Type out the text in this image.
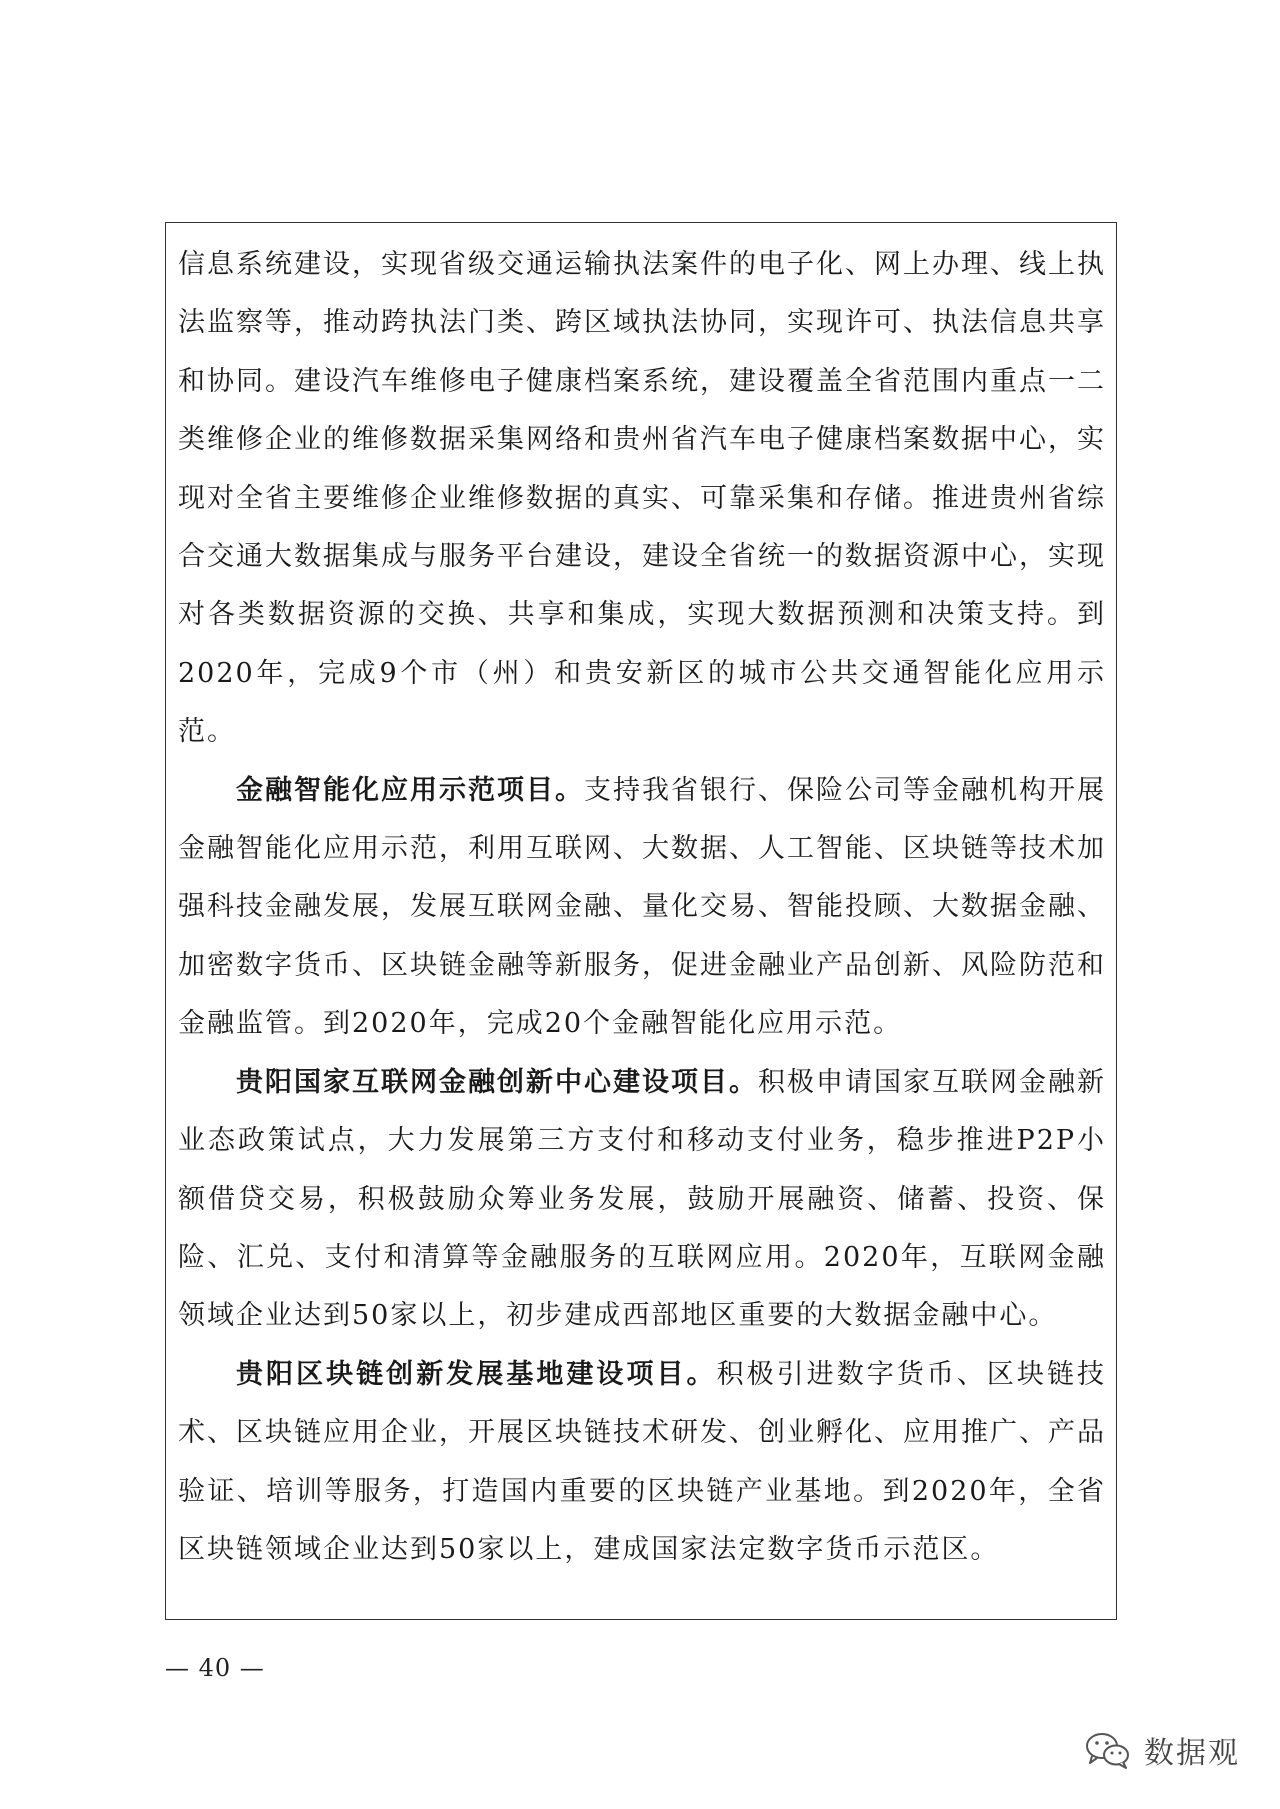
信息系统建设，实现省级交通运输执法案件的电子化、网上办理、线上执法监察等，推动跨执法门类、跨区域执法协同，实现许可、执法信息共享和协同。建设汽车维修电子健康档案系统，建设覆盖全省范围内重点一二类维修企业的维修数据采集网络和贵州省汽车电子健康档案数据中心，实现对全省主要维修企业维修数据的真实、可靠采集和存储。推进贵州省综合交通大数据集成与服务平台建设，建设全省统一的数据资源中心，实现对各类数据资源的交换、共享和集成，实现大数据预测和决策支持。到2020年，完成9个市（州）和贵安新区的城市公共交通智能化应用示范。

金融智能化应用示范项目。支持我省银行、保险公司等金融机构开展金融智能化应用示范，利用互联网、大数据、人工智能、区块链等技术加强科技金融发展，发展互联网金融、量化交易、智能投顾、大数据金融、加密数字货币、区块链金融等新服务，促进金融业产品创新、风险防范和金融监管。到2020年，完成20个金融智能化应用示范。

贵阳国家互联网金融创新中心建设项目。积极申请国家互联网金融新业态政策试点，大力发展第三方支付和移动支付业务，稳步推进P2P小额借贷交易，积极鼓励众筹业务发展，鼓励开展融资、储蓄、投资、保险、汇兑、支付和清算等金融服务的互联网应用。2020年，互联网金融领域企业达到50家以上，初步建成西部地区重要的大数据金融中心。

贵阳区块链创新发展基地建设项目。积极引进数字货币、区块链技术、区块链应用企业，开展区块链技术研发、创业孵化、应用推广、产品验证、培训等服务，打造国内重要的区块链产业基地。到2020年，全省区块链领域企业达到50家以上，建成国家法定数字货币示范区。

— 40 —
数据观
